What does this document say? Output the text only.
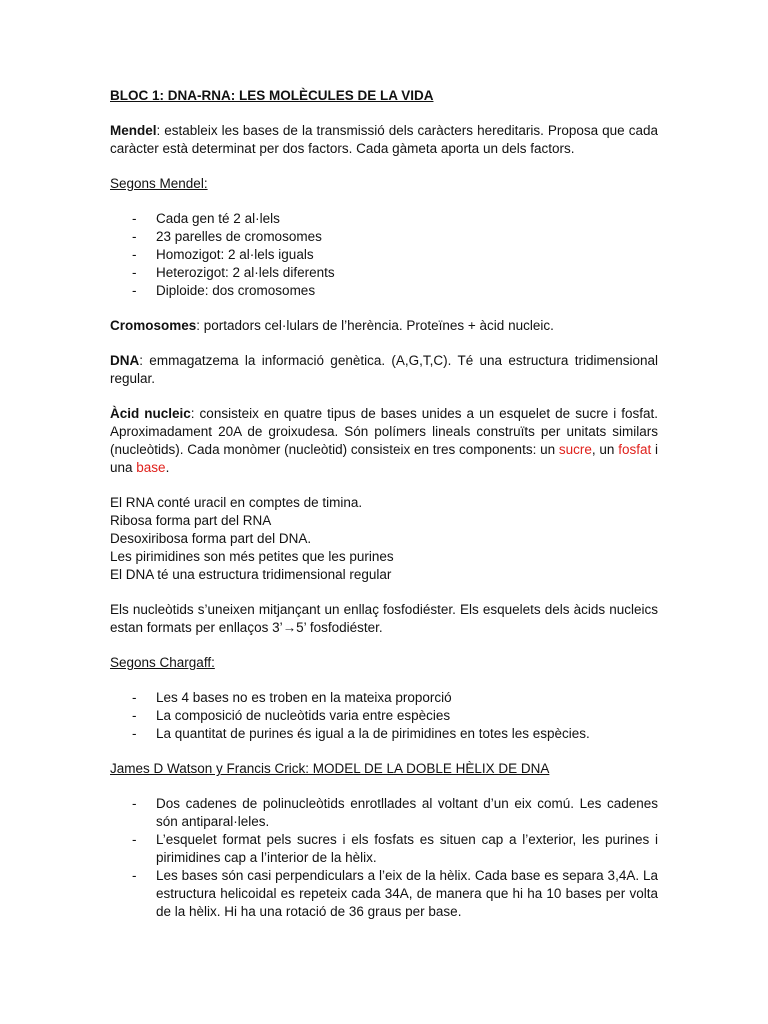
BLOC 1: DNA-RNA: LES MOLÈCULES DE LA VIDA

Mendel: estableix les bases de la transmissió dels caràcters hereditaris. Proposa que cada caràcter està determinat per dos factors. Cada gàmeta aporta un dels factors.

Segons Mendel:

- Cada gen té 2 al·lels
- 23 parelles de cromosomes
- Homozigot: 2 al·lels iguals
- Heterozigot: 2 al·lels diferents
- Diploide: dos cromosomes

Cromosomes: portadors cel·lulars de l’herència. Proteïnes + àcid nucleic.

DNA: emmagatzema la informació genètica. (A,G,T,C). Té una estructura tridimensional regular.

Àcid nucleic: consisteix en quatre tipus de bases unides a un esquelet de sucre i fosfat. Aproximadament 20A de groixudesa. Són polímers lineals construïts per unitats similars (nucleòtids). Cada monòmer (nucleòtid) consisteix en tres components: un sucre, un fosfat i una base.

El RNA conté uracil en comptes de timina.

Ribosa forma part del RNA

Desoxiribosa forma part del DNA.

Les pirimidines son més petites que les purines

El DNA té una estructura tridimensional regular

Els nucleòtids s’uneixen mitjançant un enllaç fosfodiéster. Els esquelets dels àcids nucleics estan formats per enllaços 3’→5’ fosfodiéster.

Segons Chargaff:

- Les 4 bases no es troben en la mateixa proporció
- La composició de nucleòtids varia entre espècies
- La quantitat de purines és igual a la de pirimidines en totes les espècies.

James D Watson y Francis Crick: MODEL DE LA DOBLE HÈLIX DE DNA

- Dos cadenes de polinucleòtids enrotllades al voltant d’un eix comú. Les cadenes són antiparal·leles.
- L’esquelet format pels sucres i els fosfats es situen cap a l’exterior, les purines i pirimidines cap a l’interior de la hèlix.
- Les bases són casi perpendiculars a l’eix de la hèlix. Cada base es separa 3,4A. La estructura helicoidal es repeteix cada 34A, de manera que hi ha 10 bases per volta de la hèlix. Hi ha una rotació de 36 graus per base.
